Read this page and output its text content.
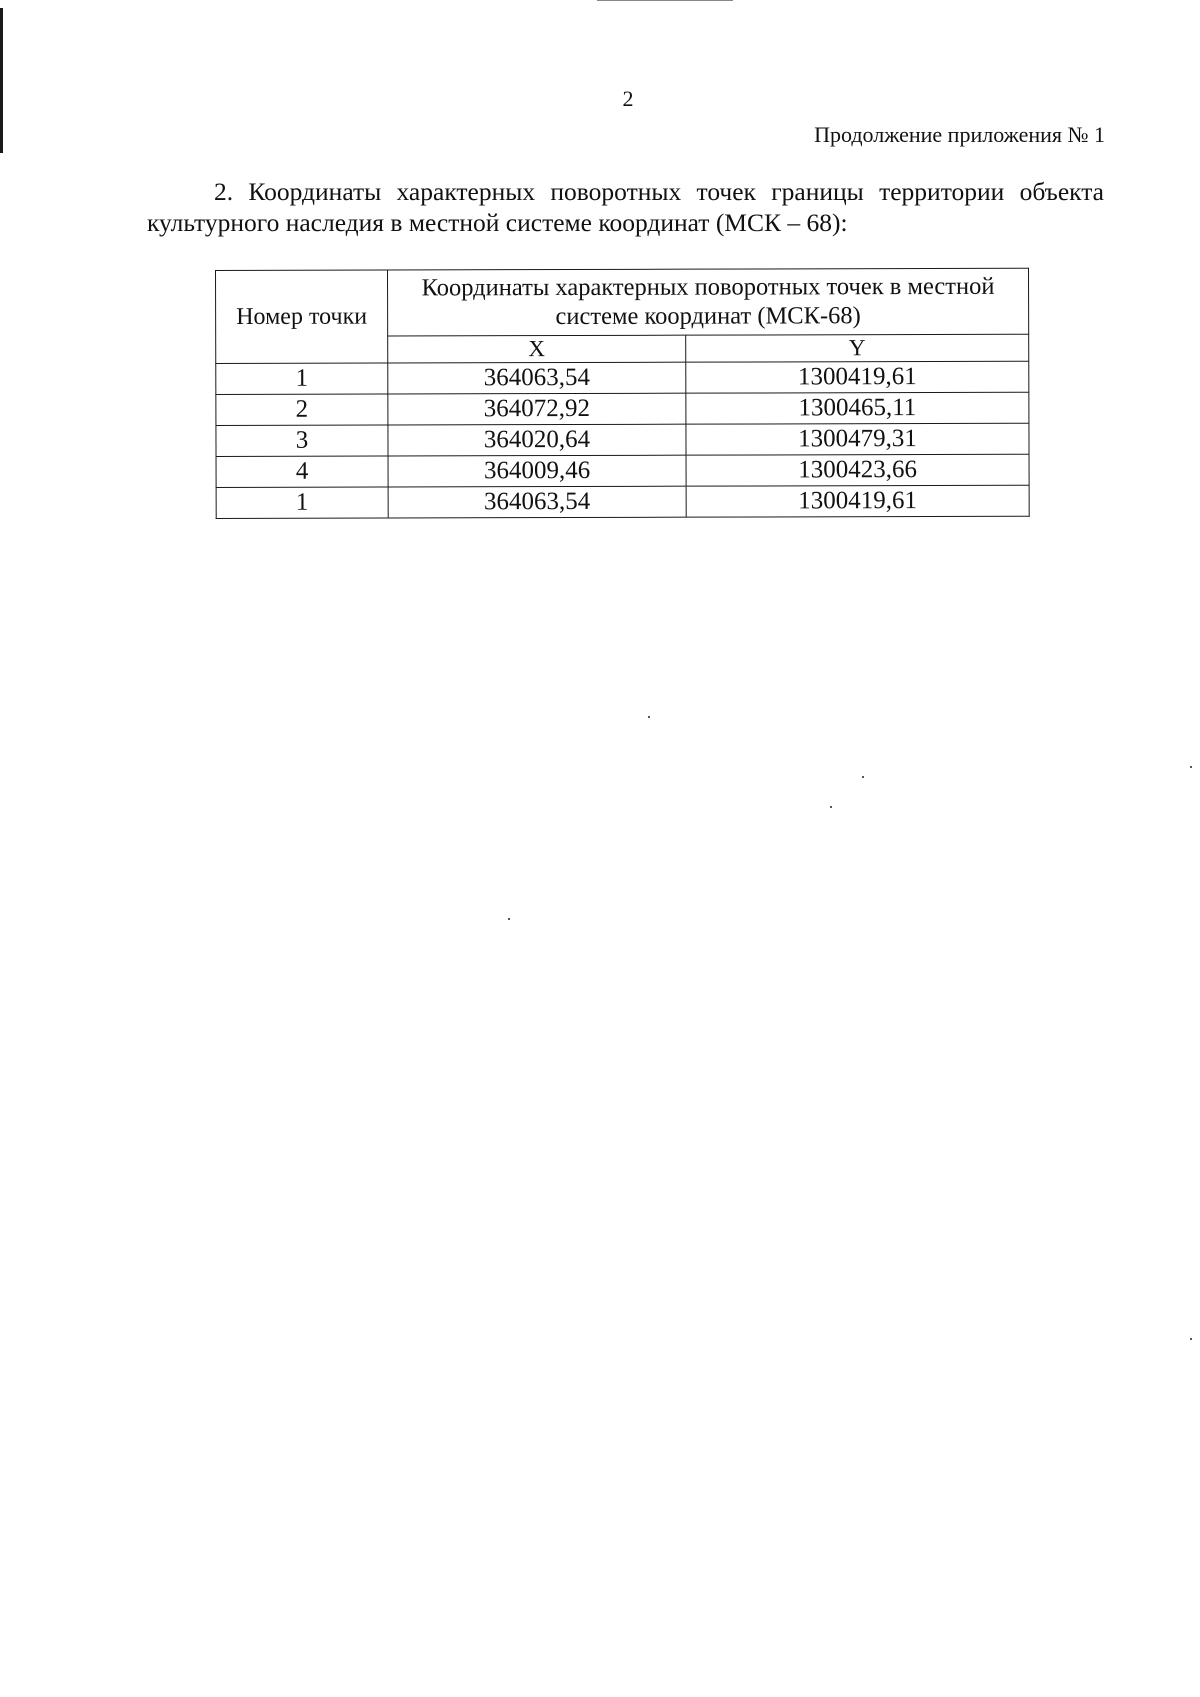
2
Продолжение приложения № 1
2. Координаты характерных поворотных точек границы территории объекта культурного наследия в местной системе координат (МСК – 68):
Номер точки	Координаты характерных поворотных точек в местной системе координат (МСК-68)	
	X	Y
1	364063,54	1300419,61
2	364072,92	1300465,11
3	364020,64	1300479,31
4	364009,46	1300423,66
1	364063,54	1300419,61
